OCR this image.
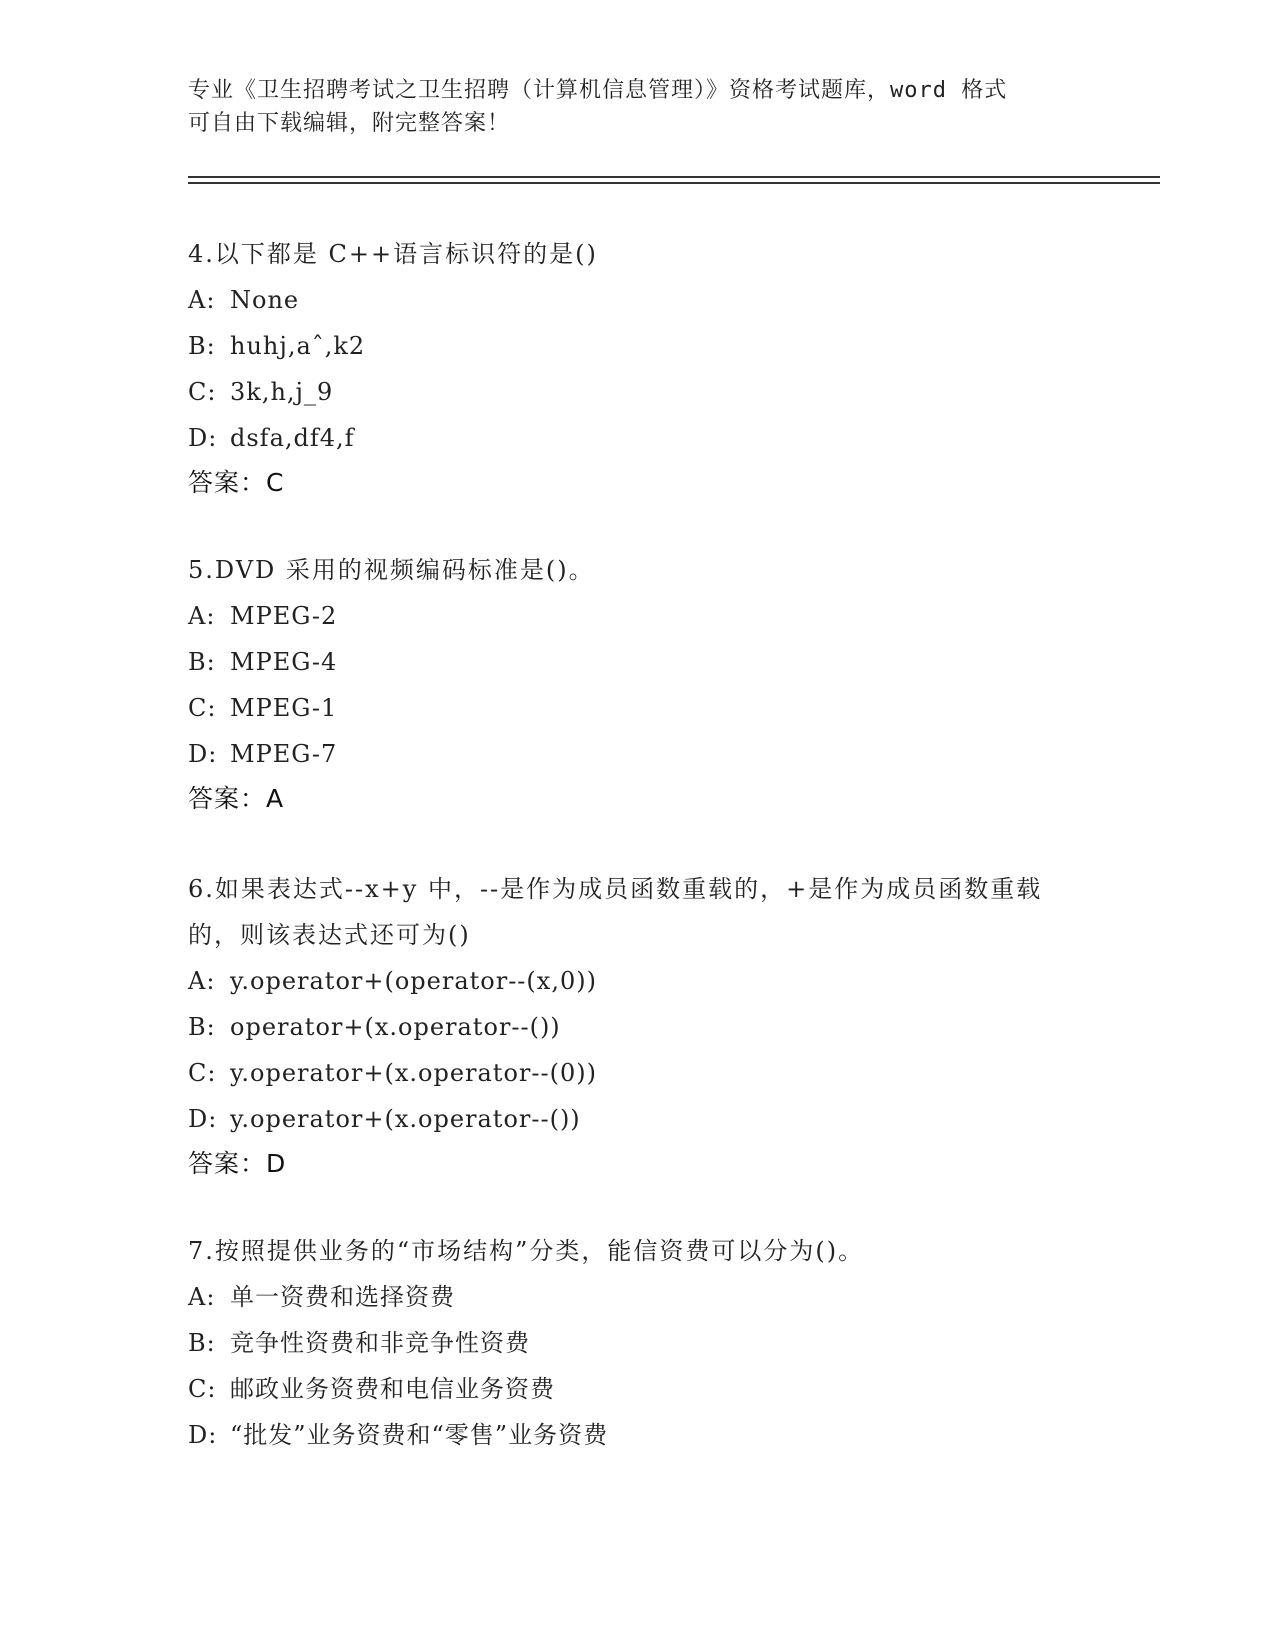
专业《卫生招聘考试之卫生招聘（计算机信息管理）》资格考试题库，word 格式
可自由下载编辑，附完整答案！
4.以下都是 C++语言标识符的是()
A: None
B: huhj,aˆ,k2
C: 3k,h,j_9
D: dsfa,df4,f
答案：C
5.DVD 采用的视频编码标准是()。
A: MPEG-2
B: MPEG-4
C: MPEG-1
D: MPEG-7
答案：A
6.如果表达式--x+y 中，--是作为成员函数重载的，+是作为成员函数重载的，则该表达式还可为()
A: y.operator+(operator--(x,0))
B: operator+(x.operator--())
C: y.operator+(x.operator--(0))
D: y.operator+(x.operator--())
答案：D
7.按照提供业务的“市场结构”分类，能信资费可以分为()。
A: 单一资费和选择资费
B: 竞争性资费和非竞争性资费
C: 邮政业务资费和电信业务资费
D: “批发”业务资费和“零售”业务资费
